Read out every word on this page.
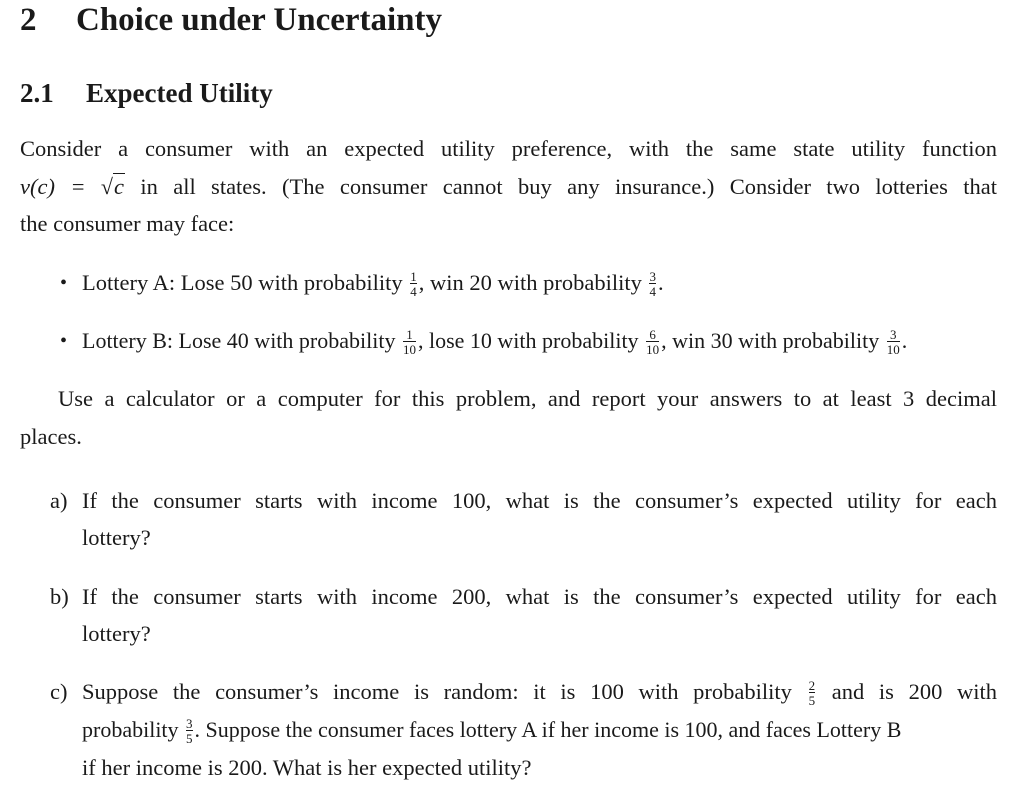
2 Choice under Uncertainty
2.1 Expected Utility
Consider a consumer with an expected utility preference, with the same state utility function
v(c) = √c in all states. (The consumer cannot buy any insurance.) Consider two lotteries that
the consumer may face:
• Lottery A: Lose 50 with probability $\frac{1}{4}$ , win 20 with probability $\frac{3}{4}$ .
• Lottery B: Lose 40 with probability $\frac{1}{10}$ , lose 10 with probability $\frac{6}{10}$ , win 30 with probability $\frac{3}{10}$ .
Use a calculator or a computer for this problem, and report your answers to at least 3 decimal
places.
a) If the consumer starts with income 100, what is the consumer’s expected utility for each
lottery?
b) If the consumer starts with income 200, what is the consumer’s expected utility for each
lottery?
c) Suppose the consumer’s income is random: it is 100 with probability $\frac{2}{5}$ and is 200 with
probability $\frac{3}{5}$ . Suppose the consumer faces lottery A if her income is 100, and faces Lottery B
if her income is 200. What is her expected utility?
